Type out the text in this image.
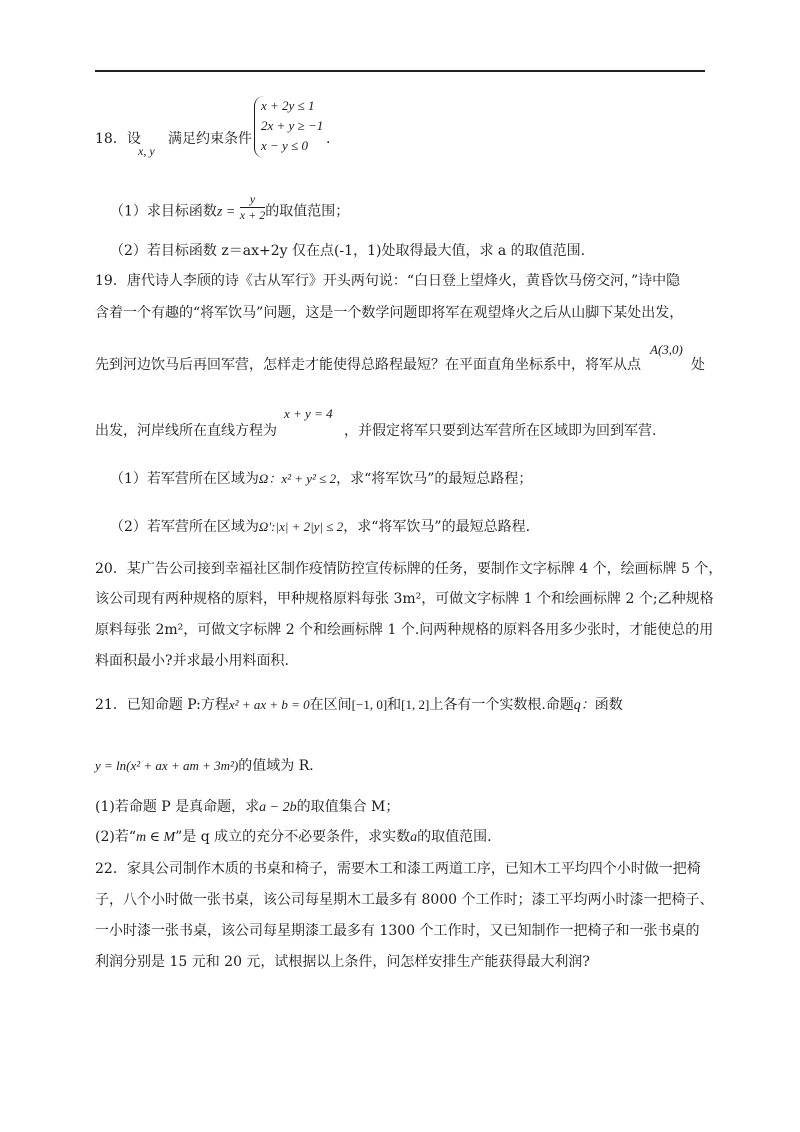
18．设
x, y
满足约束条件
x + 2y ≤ 1
2x + y ≥ −1
x − y ≤ 0	.
（1）求目标函数$z = \frac{y}{x + 2}$ 的取值范围；
（2）若目标函数 z＝ax+2y 仅在点(-1，1)处取得最大值，求 a 的取值范围.
19．唐代诗人李颀的诗《古从军行》开头两句说：“白日登上望烽火，黄昏饮马傍交河，”诗中隐
含着一个有趣的“将军饮马”问题，这是一个数学问题即将军在观望烽火之后从山脚下某处出发，
先到河边饮马后再回军营，怎样走才能使得总路程最短？在平面直角坐标系中，将军从点
A(3,0)
处
出发，河岸线所在直线方程为
x + y = 4
，并假定将军只要到达军营所在区域即为回到军营.
（1）若军营所在区域为Ω：x² + y² ≤ 2，求“将军饮马”的最短总路程；
（2）若军营所在区域为Ω′:|x| + 2|y| ≤ 2，求“将军饮马”的最短总路程.
20．某广告公司接到幸福社区制作疫情防控宣传标牌的任务，要制作文字标牌 4 个，绘画标牌 5 个，
该公司现有两种规格的原料，甲种规格原料每张 3m²，可做文字标牌 1 个和绘画标牌 2 个;乙种规格
原料每张 2m²，可做文字标牌 2 个和绘画标牌 1 个.问两种规格的原料各用多少张时，才能使总的用
料面积最小?并求最小用料面积.
21．已知命题 P:方程x² + ax + b = 0在区间[−1, 0]和[1, 2]上各有一个实数根.命题q：函数
y = ln(x² + ax + am + 3m²)的值域为 R.
(1)若命题 P 是真命题，求a − 2b的取值集合 M；
(2)若“m ∈ M”是 q 成立的充分不必要条件，求实数a的取值范围.
22．家具公司制作木质的书桌和椅子，需要木工和漆工两道工序，已知木工平均四个小时做一把椅
子，八个小时做一张书桌，该公司每星期木工最多有 8000 个工作时；漆工平均两小时漆一把椅子、
一小时漆一张书桌，该公司每星期漆工最多有 1300 个工作时，又已知制作一把椅子和一张书桌的
利润分别是 15 元和 20 元，试根据以上条件，问怎样安排生产能获得最大利润?
